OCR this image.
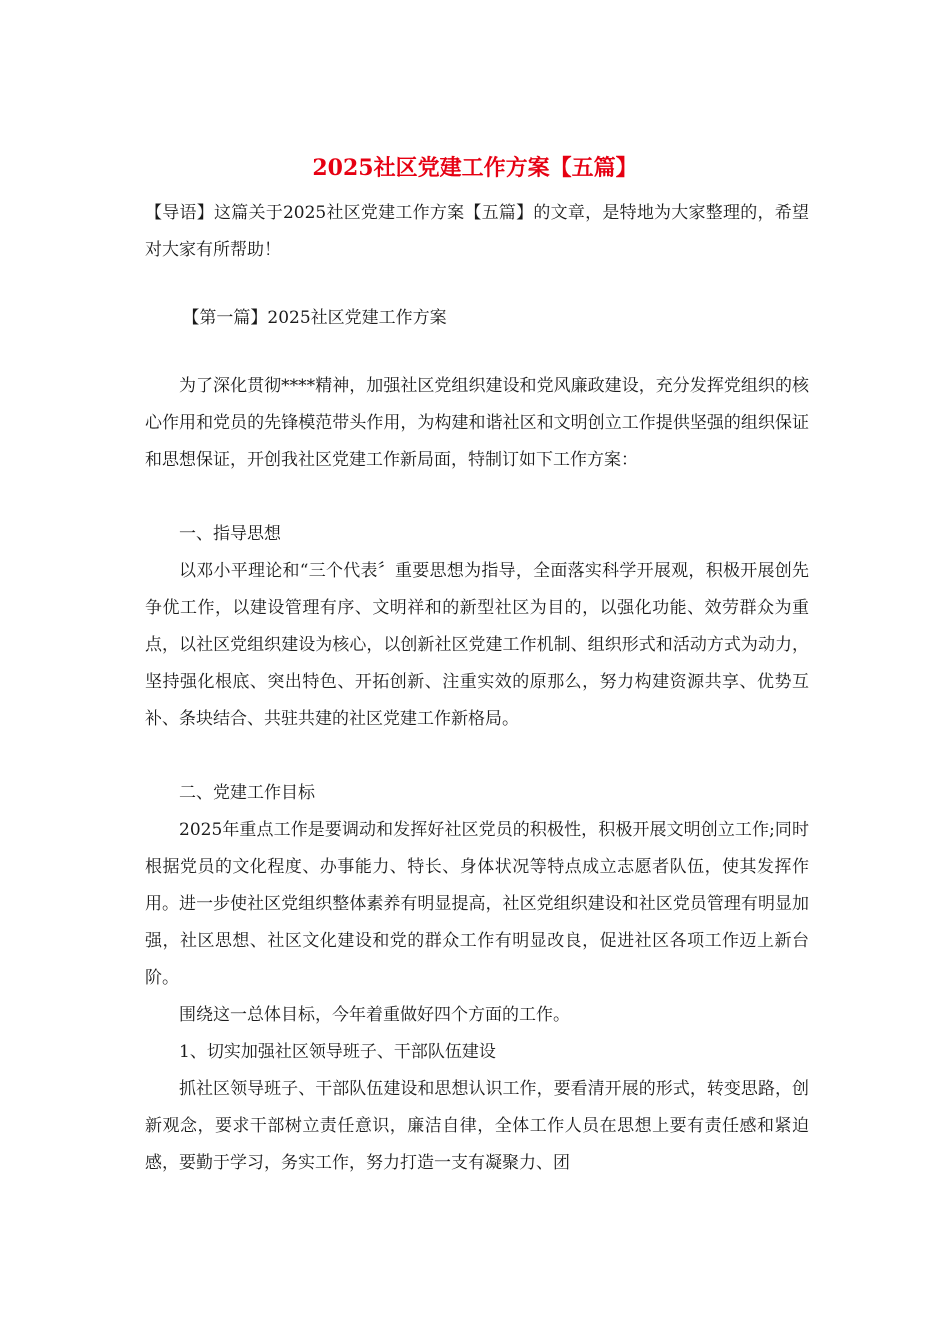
2025社区党建工作方案【五篇】

【导语】这篇关于2025社区党建工作方案【五篇】的文章，是特地为大家整理的，希望对大家有所帮助！

【第一篇】2025社区党建工作方案

为了深化贯彻****精神，加强社区党组织建设和党风廉政建设，充分发挥党组织的核心作用和党员的先锋模范带头作用，为构建和谐社区和文明创立工作提供坚强的组织保证和思想保证，开创我社区党建工作新局面，特制订如下工作方案：

一、指导思想

以邓小平理论和“三个代表〞重要思想为指导，全面落实科学开展观，积极开展创先争优工作，以建设管理有序、文明祥和的新型社区为目的，以强化功能、效劳群众为重点，以社区党组织建设为核心，以创新社区党建工作机制、组织形式和活动方式为动力，坚持强化根底、突出特色、开拓创新、注重实效的原那么，努力构建资源共享、优势互补、条块结合、共驻共建的社区党建工作新格局。

二、党建工作目标

2025年重点工作是要调动和发挥好社区党员的积极性，积极开展文明创立工作;同时根据党员的文化程度、办事能力、特长、身体状况等特点成立志愿者队伍，使其发挥作用。进一步使社区党组织整体素养有明显提高，社区党组织建设和社区党员管理有明显加强，社区思想、社区文化建设和党的群众工作有明显改良，促进社区各项工作迈上新台阶。

围绕这一总体目标，今年着重做好四个方面的工作。

1、切实加强社区领导班子、干部队伍建设

抓社区领导班子、干部队伍建设和思想认识工作，要看清开展的形式，转变思路，创新观念，要求干部树立责任意识，廉洁自律，全体工作人员在思想上要有责任感和紧迫感，要勤于学习，务实工作，努力打造一支有凝聚力、团
